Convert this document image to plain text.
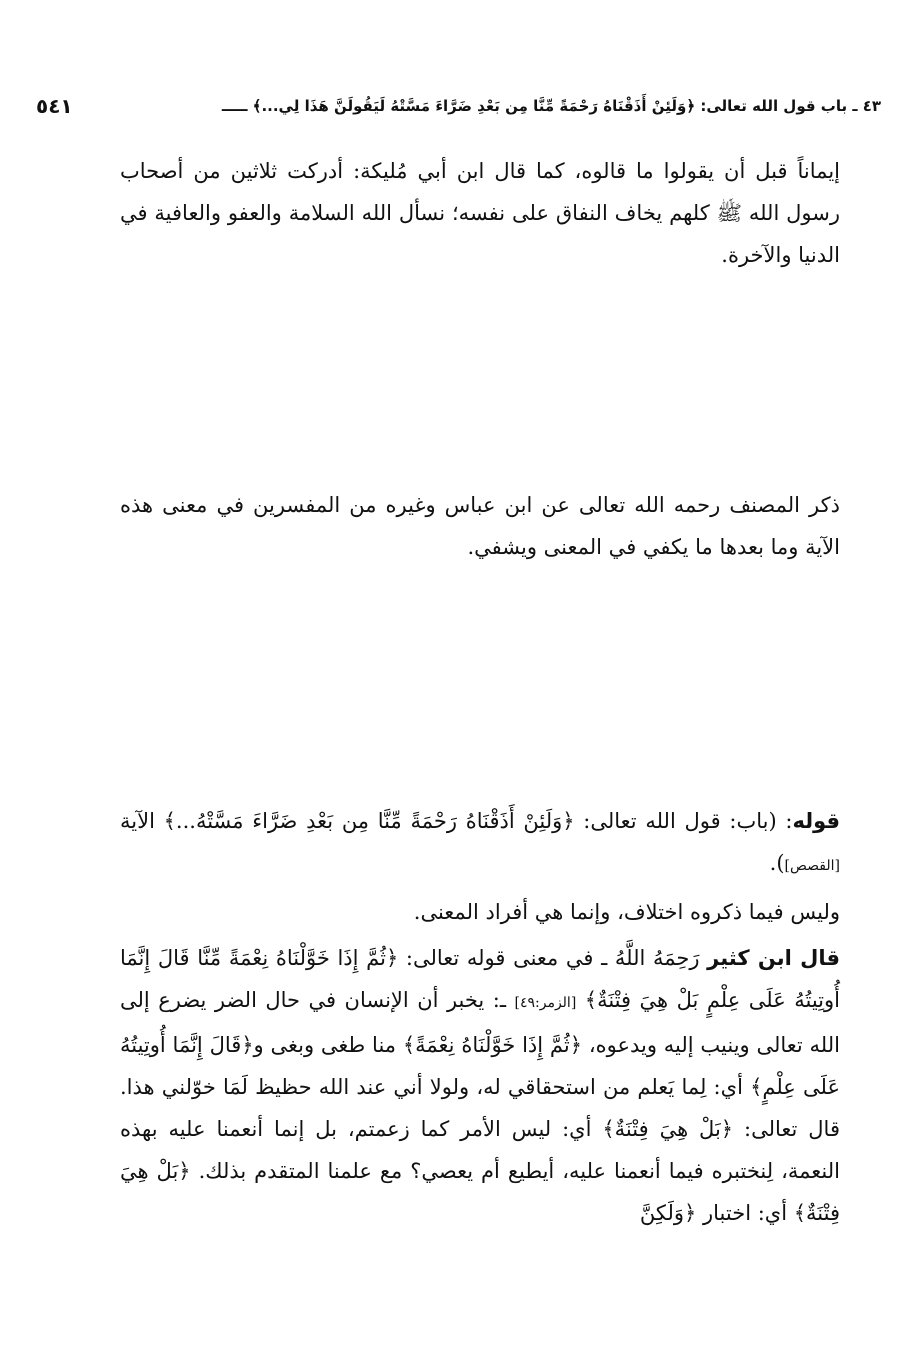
٥٤١	٤٣ ـ باب قول الله تعالى: ﴿وَلَئِنْ أَذَقْنَاهُ رَحْمَةً مِّنَّا مِن بَعْدِ ضَرَّاءَ مَسَّتْهُ لَيَقُولَنَّ هَذَا لِي...﴾ ـــــ

إيماناً قبل أن يقولوا ما قالوه، كما قال ابن أبي مُليكة: أدركت ثلاثين من أصحاب رسول الله ﷺ كلهم يخاف النفاق على نفسه؛ نسأل الله السلامة والعفو والعافية في الدنيا والآخرة.

ذكر المصنف رحمه الله تعالى عن ابن عباس وغيره من المفسرين في معنى هذه الآية وما بعدها ما يكفي في المعنى ويشفي.

قوله: (باب: قول الله تعالى: ﴿وَلَئِنْ أَذَقْنَاهُ رَحْمَةً مِّنَّا مِن بَعْدِ ضَرَّاءَ مَسَّتْهُ...﴾ الآية [القصص]).

وليس فيما ذكروه اختلاف، وإنما هي أفراد المعنى.

قال ابن كثير رَحِمَهُ اللَّهُ ـ في معنى قوله تعالى: ﴿ثُمَّ إِذَا خَوَّلْنَاهُ نِعْمَةً مِّنَّا قَالَ إِنَّمَا أُوتِيتُهُ عَلَى عِلْمٍ بَلْ هِيَ فِتْنَةٌ﴾ [الزمر:٤٩] ـ: يخبر أن الإنسان في حال الضر يضرع إلى الله تعالى وينيب إليه ويدعوه، ﴿ثُمَّ إِذَا خَوَّلْنَاهُ نِعْمَةً﴾ منا طغى وبغى و﴿قَالَ إِنَّمَا أُوتِيتُهُ عَلَى عِلْمٍ﴾ أي: لِما يَعلم من استحقاقي له، ولولا أني عند الله حظيظ لَمَا خوّلني هذا. قال تعالى: ﴿بَلْ هِيَ فِتْنَةٌ﴾ أي: ليس الأمر كما زعمتم، بل إنما أنعمنا عليه بهذه النعمة، لِنختبره فيما أنعمنا عليه، أيطيع أم يعصي؟ مع علمنا المتقدم بذلك. ﴿بَلْ هِيَ فِتْنَةٌ﴾ أي: اختبار ﴿وَلَكِنَّ
